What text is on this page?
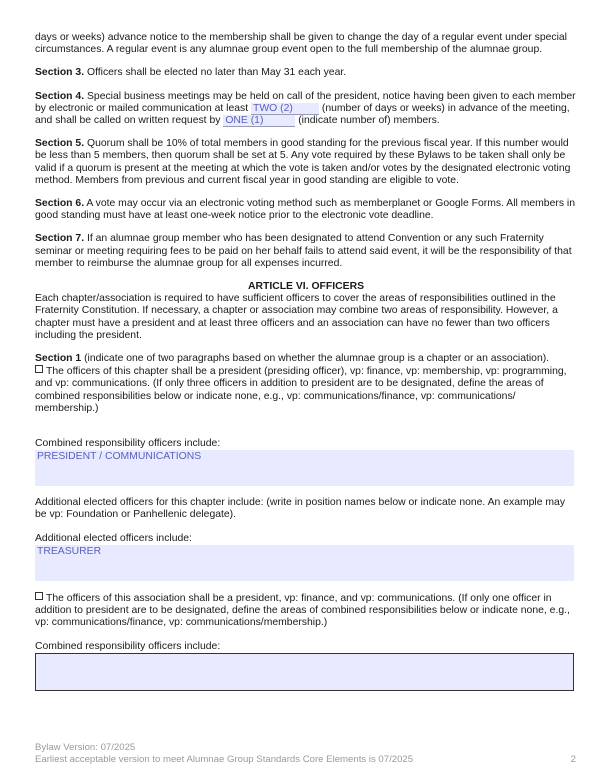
days or weeks) advance notice to the membership shall be given to change the day of a regular event under special circumstances. A regular event is any alumnae group event open to the full membership of the alumnae group.

Section 3. Officers shall be elected no later than May 31 each year.

Section 4. Special business meetings may be held on call of the president, notice having been given to each member by electronic or mailed communication at least TWO (2)	(number of days or weeks) in advance of the meeting, and shall be called on written request by ONE (1)	(indicate number of) members.

Section 5. Quorum shall be 10% of total members in good standing for the previous fiscal year. If this number would be less than 5 members, then quorum shall be set at 5. Any vote required by these Bylaws to be taken shall only be valid if a quorum is present at the meeting at which the vote is taken and/or votes by the designated electronic voting method. Members from previous and current fiscal year in good standing are eligible to vote.

Section 6. A vote may occur via an electronic voting method such as memberplanet or Google Forms. All members in good standing must have at least one-week notice prior to the electronic vote deadline.

Section 7. If an alumnae group member who has been designated to attend Convention or any such Fraternity seminar or meeting requiring fees to be paid on her behalf fails to attend said event, it will be the responsibility of that member to reimburse the alumnae group for all expenses incurred.

ARTICLE VI. OFFICERS

Each chapter/association is required to have sufficient officers to cover the areas of responsibilities outlined in the Fraternity Constitution. If necessary, a chapter or association may combine two areas of responsibility. However, a chapter must have a president and at least three officers and an association can have no fewer than two officers including the president.

Section 1 (indicate one of two paragraphs based on whether the alumnae group is a chapter or an association).

The officers of this chapter shall be a president (presiding officer), vp: finance, vp: membership, vp: programming, and vp: communications. (If only three officers in addition to president are to be designated, define the areas of combined responsibilities below or indicate none, e.g., vp: communications/finance, vp: communications/ membership.)

Combined responsibility officers include:

PRESIDENT / COMMUNICATIONS

Additional elected officers for this chapter include: (write in position names below or indicate none. An example may be vp: Foundation or Panhellenic delegate).

Additional elected officers include:

TREASURER

The officers of this association shall be a president, vp: finance, and vp: communications. (If only one officer in addition to president are to be designated, define the areas of combined responsibilities below or indicate none, e.g., vp: communications/finance, vp: communications/membership.)

Combined responsibility officers include:

Bylaw Version: 07/2025
Earliest acceptable version to meet Alumnae Group Standards Core Elements is 07/2025	2
